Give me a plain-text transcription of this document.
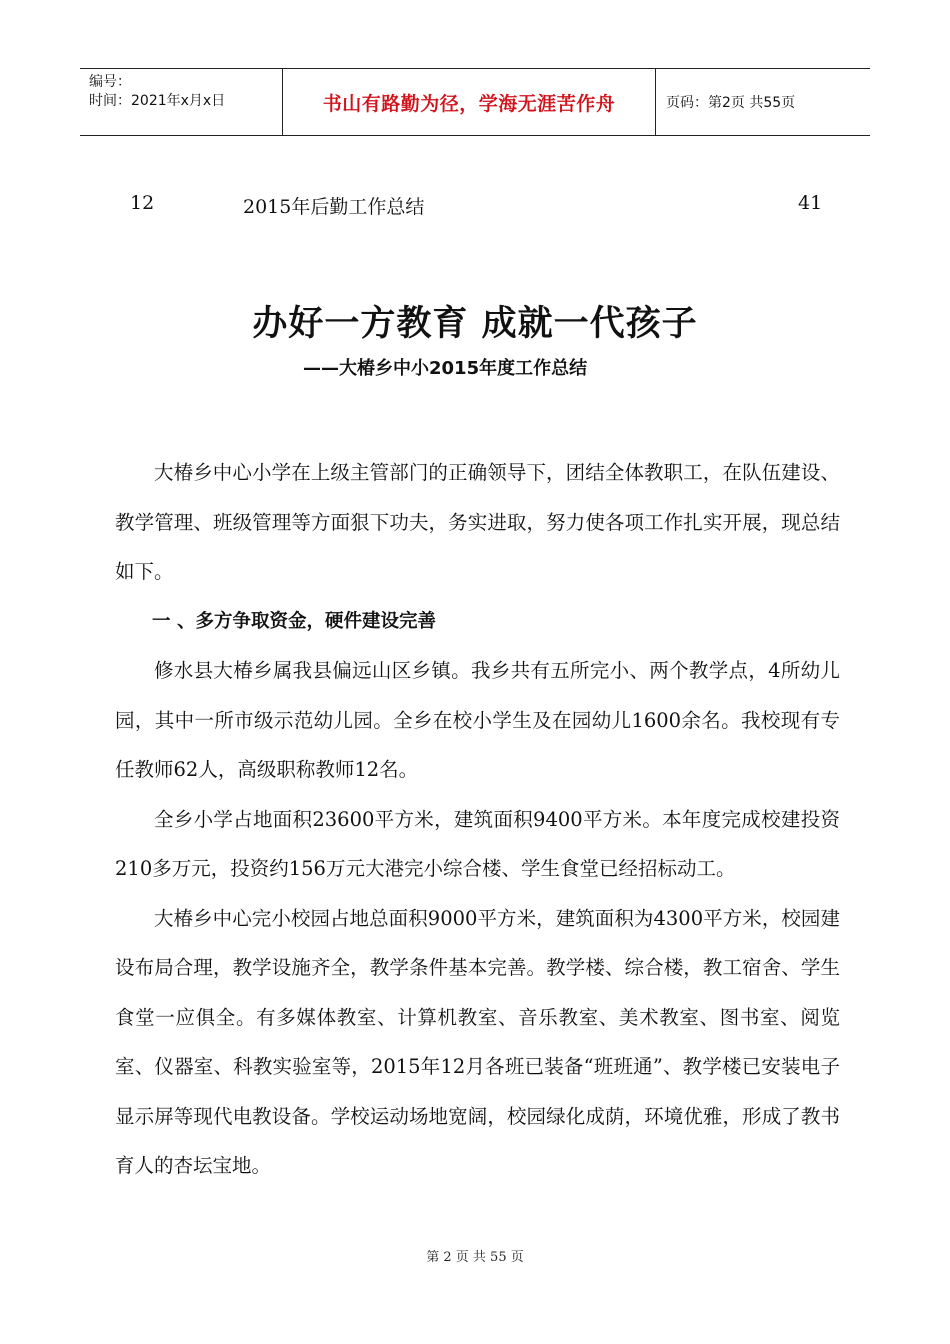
编号：
时间：2021年x月x日	书山有路勤为径，学海无涯苦作舟	页码：第2页 共55页
12	2015年后勤工作总结	41
办好一方教育 成就一代孩子
——大椿乡中小2015年度工作总结

大椿乡中心小学在上级主管部门的正确领导下，团结全体教职工，在队伍建设、教学管理、班级管理等方面狠下功夫，务实进取，努力使各项工作扎实开展，现总结如下。

一 、多方争取资金，硬件建设完善

修水县大椿乡属我县偏远山区乡镇。我乡共有五所完小、两个教学点，4所幼儿园，其中一所市级示范幼儿园。全乡在校小学生及在园幼儿1600余名。我校现有专任教师62人，高级职称教师12名。

全乡小学占地面积23600平方米，建筑面积9400平方米。本年度完成校建投资210多万元，投资约156万元大港完小综合楼、学生食堂已经招标动工。

大椿乡中心完小校园占地总面积9000平方米，建筑面积为4300平方米，校园建设布局合理，教学设施齐全，教学条件基本完善。教学楼、综合楼，教工宿舍、学生食堂一应俱全。有多媒体教室、计算机教室、音乐教室、美术教室、图书室、阅览室、仪器室、科教实验室等，2015年12月各班已装备“班班通”、教学楼已安装电子显示屏等现代电教设备。学校运动场地宽阔，校园绿化成荫，环境优雅，形成了教书育人的杏坛宝地。

第 2 页 共 55 页
